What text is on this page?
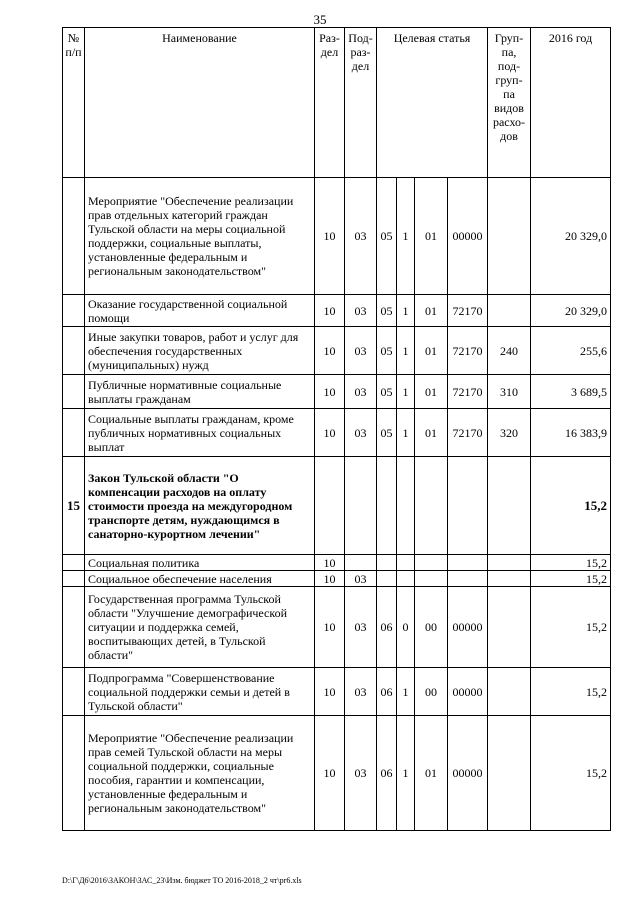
35
№ п/п	Наименование	Раз-дел	Под-раз-дел	Целевая статья				Груп-па, под-груп-па видов расхо-дов	2016 год
	Мероприятие "Обеспечение реализации прав отдельных категорий граждан Тульской области на меры социальной поддержки, социальные выплаты, установленные федеральным и региональным законодательством"	10	03	05	1	01	00000		20 329,0
	Оказание государственной социальной помощи	10	03	05	1	01	72170		20 329,0
	Иные закупки товаров, работ и услуг для обеспечения государственных (муниципальных) нужд	10	03	05	1	01	72170	240	255,6
	Публичные нормативные социальные выплаты гражданам	10	03	05	1	01	72170	310	3 689,5
	Социальные выплаты гражданам, кроме публичных нормативных социальных выплат	10	03	05	1	01	72170	320	16 383,9
15	Закон Тульской области "О компенсации расходов на оплату стоимости проезда на междугородном транспорте детям, нуждающимся в санаторно-курортном лечении"								15,2
	Социальная политика	10							15,2
	Социальное обеспечение населения	10	03						15,2
	Государственная программа Тульской области "Улучшение демографической ситуации и поддержка семей, воспитывающих детей, в Тульской области"	10	03	06	0	00	00000		15,2
	Подпрограмма "Совершенствование социальной поддержки семьи и детей в Тульской области"	10	03	06	1	00	00000		15,2
	Мероприятие "Обеспечение реализации прав семей Тульской области на меры социальной поддержки, социальные пособия, гарантии и компенсации, установленные федеральным и региональным законодательством"	10	03	06	1	01	00000		15,2
D:\Г\Д6\2016\ЗАКОН\ЗАС_23\Изм. бюджет ТО 2016-2018_2 чт\pr6.xls
